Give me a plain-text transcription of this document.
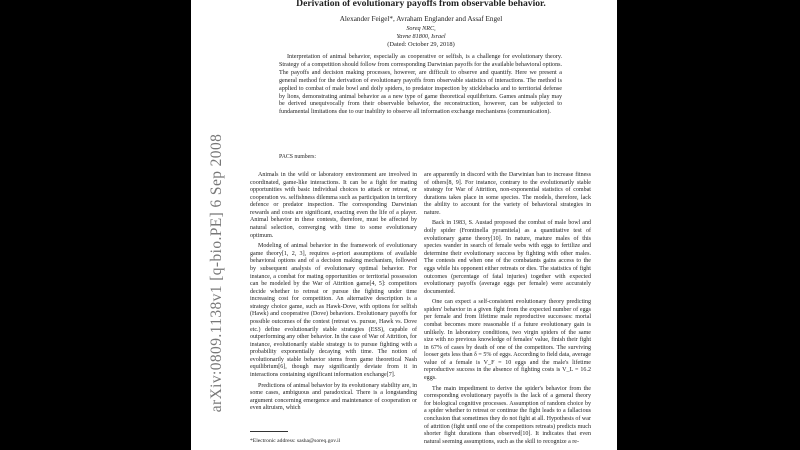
Derivation of evolutionary payoffs from observable behavior.
Alexander Feigel*, Avraham Englander and Assaf Engel
Soreq NRC,
Yavne 81800, Israel
(Dated: October 29, 2018)

Interpretation of animal behavior, especially as cooperative or selfish, is a challenge for evolutionary theory. Strategy of a competition should follow from corresponding Darwinian payoffs for the available behavioral options. The payoffs and decision making processes, however, are difficult to observe and quantify. Here we present a general method for the derivation of evolutionary payoffs from observable statistics of interactions. The method is applied to combat of male bowl and doily spiders, to predator inspection by sticklebacks and to territorial defense by lions, demonstrating animal behavior as a new type of game theoretical equilibrium. Games animals play may be derived unequivocally from their observable behavior, the reconstruction, however, can be subjected to fundamental limitations due to our inability to observe all information exchange mechanisms (communication).

PACS numbers:

Animals in the wild or laboratory environment are involved in coordinated, game-like interactions. It can be a fight for mating opportunities with basic individual choices to attack or retreat, or cooperation vs. selfishness dilemma such as participation in territory defence or predator inspection. The corresponding Darwinian rewards and costs are significant, exacting even the life of a player. Animal behavior in these contests, therefore, must be affected by natural selection, converging with time to some evolutionary optimum.

Modeling of animal behavior in the framework of evolutionary game theory[1, 2, 3], requires a-priori assumptions of available behavioral options and of a decision making mechanism, followed by subsequent analysis of evolutionary optimal behavior. For instance, a combat for mating opportunities or territorial possession can be modeled by the War of Attrition game[4, 5]: competitors decide whether to retreat or pursue the fighting under time increasing cost for competition. An alternative description is a strategy choice game, such as Hawk-Dove, with options for selfish (Hawk) and cooperative (Dove) behaviors. Evolutionary payoffs for possible outcomes of the contest (retreat vs. pursue, Hawk vs. Dove etc.) define evolutionarily stable strategies (ESS), capable of outperforming any other behavior. In the case of War of Attrition, for instance, evolutionarily stable strategy is to pursue fighting with a probability exponentially decaying with time. The notion of evolutionarily stable behavior stems from game theoretical Nash equilibrium[6], though may significantly deviate from it in interactions containing significant information exchange[7].

Predictions of animal behavior by its evolutionary stability are, in some cases, ambiguous and paradoxical. There is a longstanding argument concerning emergence and maintenance of cooperation or even altruism, which

are apparently in discord with the Darwinian ban to increase fitness of others[8, 9]. For instance, contrary to the evolutionarily stable strategy for War of Attrition, non-exponential statistics of combat durations takes place in some species. The models, therefore, lack the ability to account for the variety of behavioral strategies in nature.

Back in 1983, S. Austad proposed the combat of male bowl and doily spider (Frontinella pyramitela) as a quantitative test of evolutionary game theory[10]. In nature, mature males of this species wander in search of female webs with eggs to fertilize and determine their evolutionary success by fighting with other males. The contests end when one of the combatants gains access to the eggs while his opponent either retreats or dies. The statistics of fight outcomes (percentage of fatal injuries) together with expected evolutionary payoffs (average eggs per female) were accurately documented.

One can expect a self-consistent evolutionary theory predicting spiders' behavior in a given fight from the expected number of eggs per female and from lifetime male reproductive successes: mortal combat becomes more reasonable if a future evolutionary gain is unlikely. In laboratory conditions, two virgin spiders of the same size with no previous knowledge of females' value, finish their fight in 67% of cases by death of one of the competitors. The surviving looser gets less than δ = 5% of eggs. According to field data, average value of a female is V_F = 10 eggs and the male's lifetime reproductive success in the absence of fighting costs is V_L = 16.2 eggs.

The main impediment to derive the spider's behavior from the corresponding evolutionary payoffs is the lack of a general theory for biological cognitive processes. Assumption of random choice by a spider whether to retreat or continue the fight leads to a fallacious conclusion that sometimes they do not fight at all. Hypothesis of war of attrition (fight until one of the competitors retreats) predicts much shorter fight durations than observed[10]. It indicates that even natural seeming assumptions, such as the skill to recognize a re-

*Electronic address: sasha@soreq.gov.il
arXiv:0809.1138v1 [q-bio.PE] 6 Sep 2008
